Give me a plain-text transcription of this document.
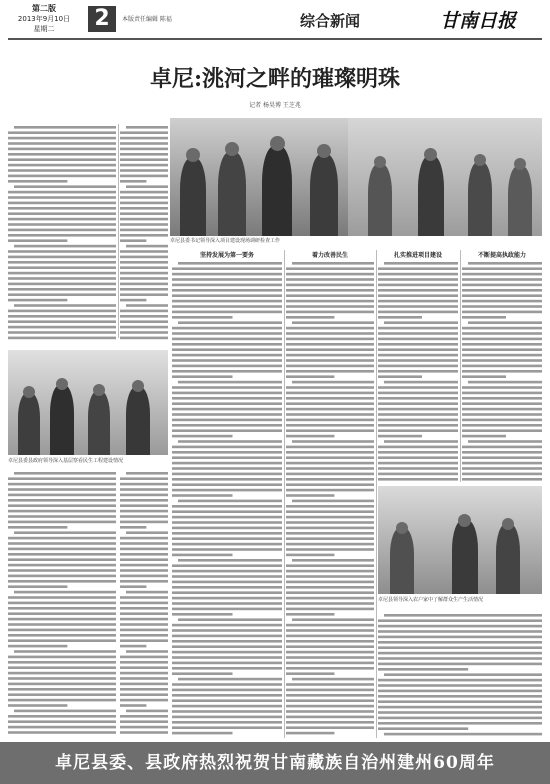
第二版
2013年9月10日
星期二	2	本版责任编辑 陈福	综合新闻	甘南日报
卓尼:洮河之畔的璀璨明珠
记者 杨昊博 王芝兆
卓尼县委书记领导深入项目建设现场调研检查工作
卓尼县委县政府领导深入基层察看民生工程建设情况
坚持发展为第一要务	着力改善民生	扎实推进项目建设	不断提高执政能力
卓尼县领导深入农户家中了解群众生产生活情况
卓尼县委、县政府热烈祝贺甘南藏族自治州建州60周年
